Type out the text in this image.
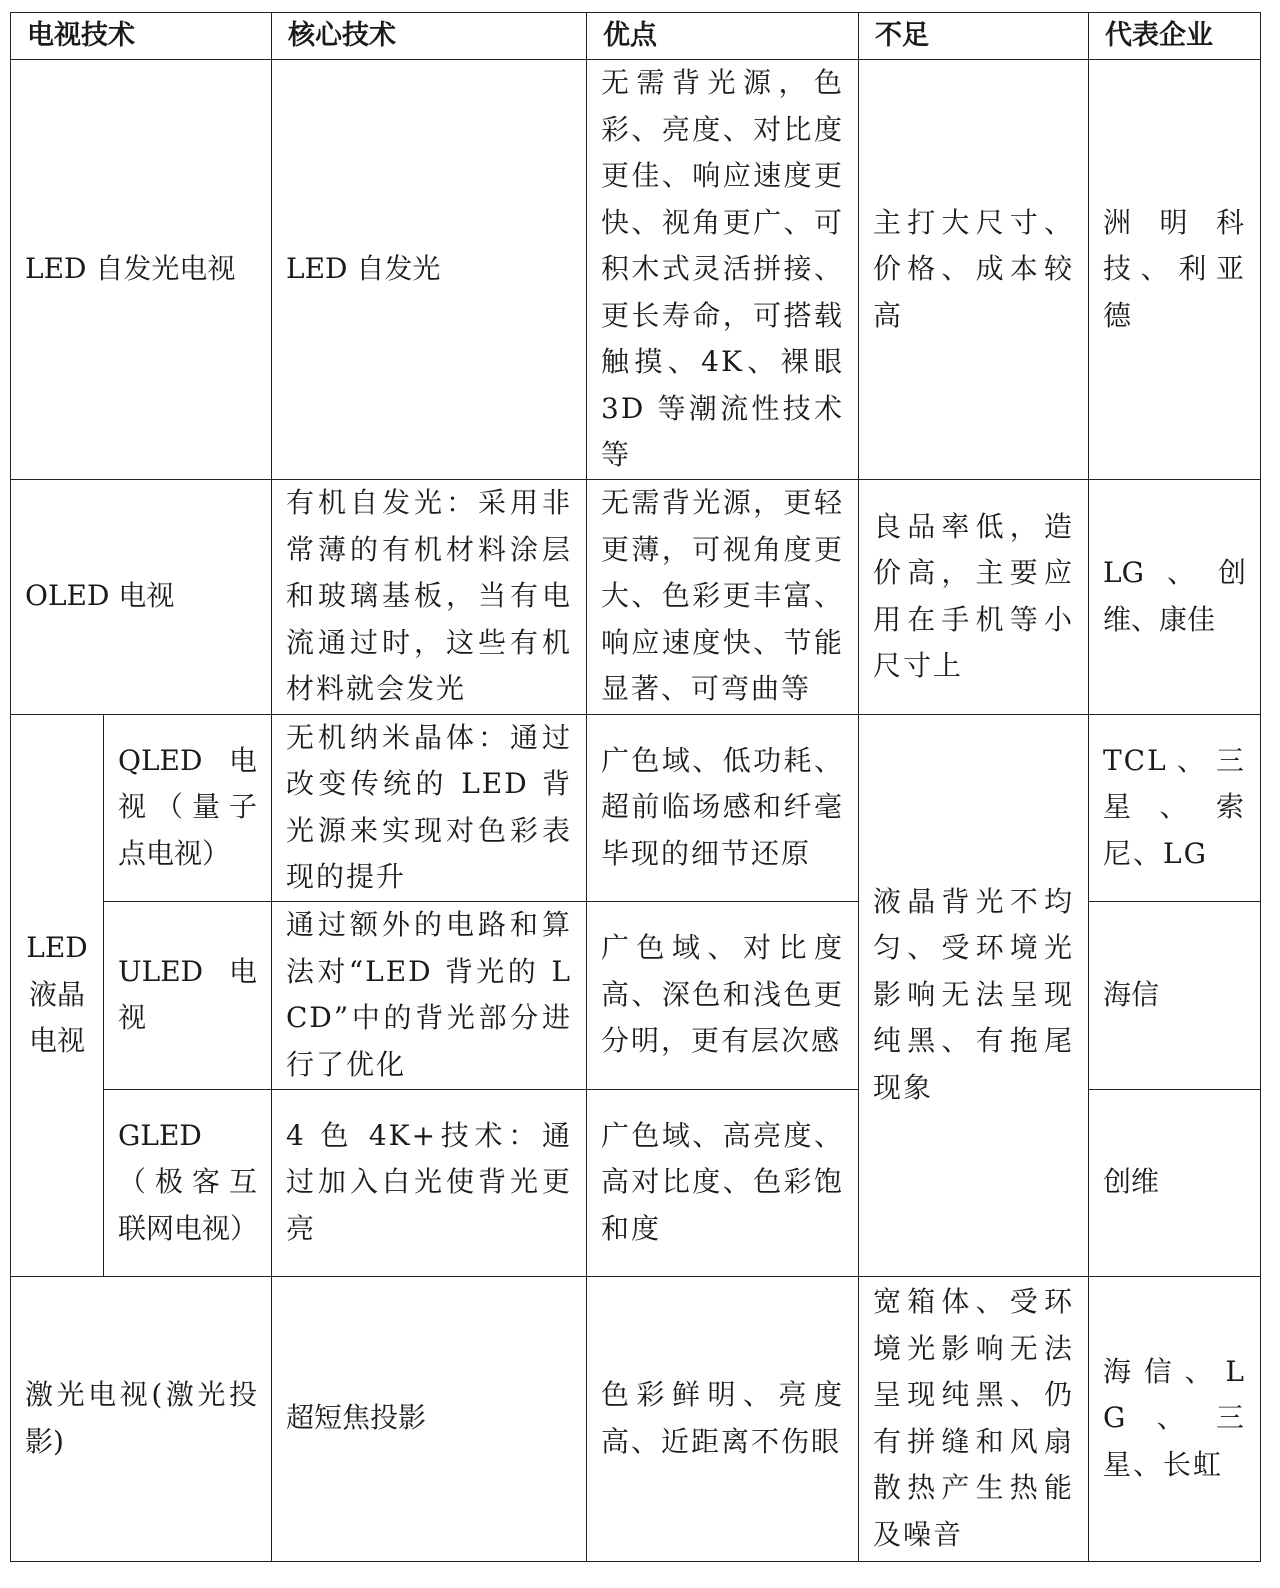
电视技术		核心技术	优点	不足	代表企业
LED 自发光电视		LED 自发光	无需背光源，色彩、亮度、对比度更佳、响应速度更快、视角更广、可积木式灵活拼接、更长寿命，可搭载触摸、4K、裸眼 3D 等潮流性技术等	主打大尺寸、价格、成本较高	洲明科技、利亚德
OLED 电视		有机自发光：采用非常薄的有机材料涂层和玻璃基板，当有电流通过时，这些有机材料就会发光	无需背光源，更轻更薄，可视角度更大、色彩更丰富、响应速度快、节能显著、可弯曲等	良品率低，造价高，主要应用在手机等小尺寸上	LG、创维、康佳
LED液晶电视	QLED 电视（量子点电视）	无机纳米晶体：通过改变传统的 LED 背光源来实现对色彩表现的提升	广色域、低功耗、超前临场感和纤毫毕现的细节还原	液晶背光不均匀、受环境光影响无法呈现纯黑、有拖尾现象	TCL、三星、索尼、LG
	ULED 电视	通过额外的电路和算法对“LED 背光的 LCD”中的背光部分进行了优化	广色域、对比度高、深色和浅色更分明，更有层次感		海信
	GLED（极客互联网电视）	4 色 4K+技术：通过加入白光使背光更亮	广色域、高亮度、高对比度、色彩饱和度		创维
激光电视(激光投影)		超短焦投影	色彩鲜明、亮度高、近距离不伤眼	宽箱体、受环境光影响无法呈现纯黑、仍有拼缝和风扇散热产生热能及噪音	海信、LG、三星、长虹
